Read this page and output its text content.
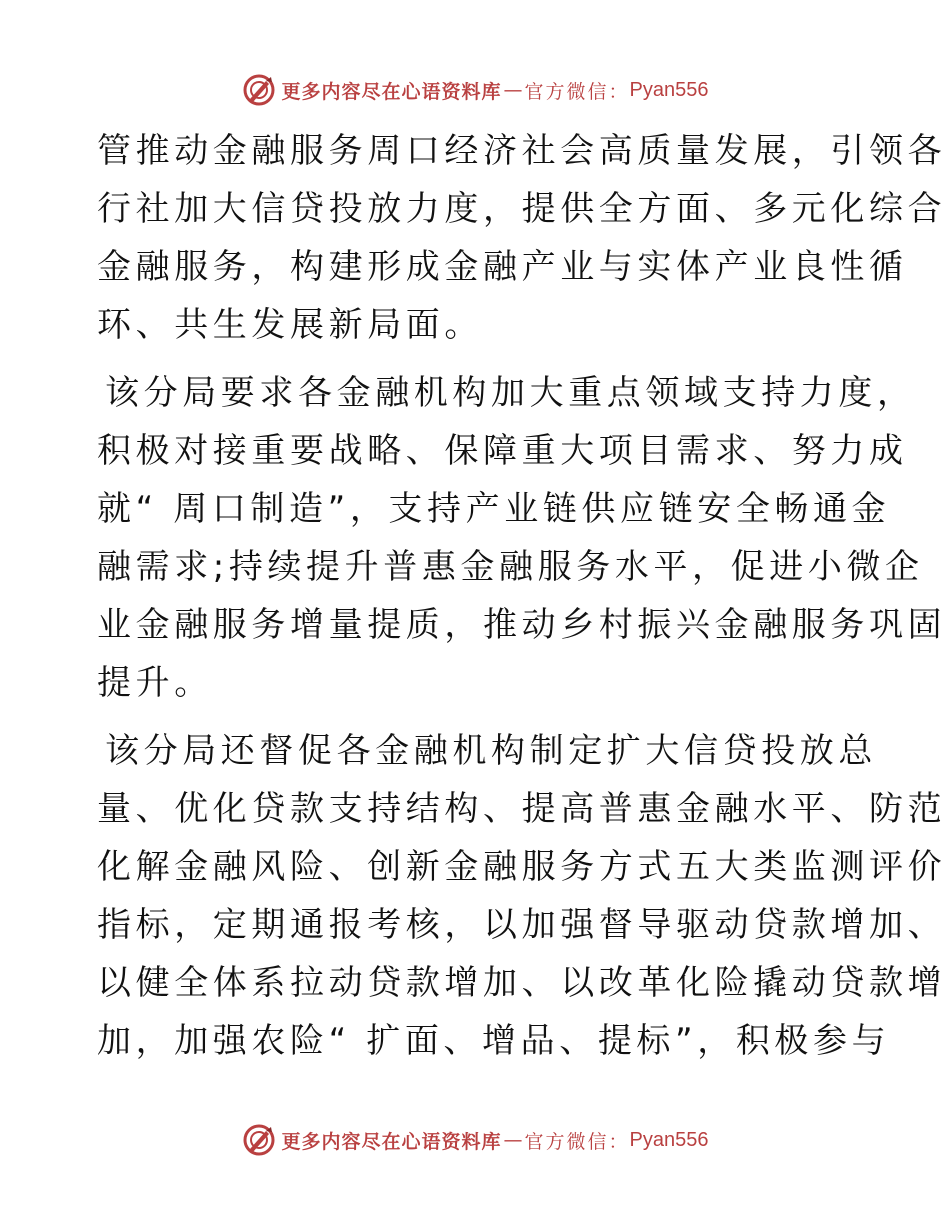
更多内容尽在心语资料库 — 官方微信： Pyan556
管推动金融服务周口经济社会高质量发展，引领各
行社加大信贷投放力度，提供全方面、多元化综合
金融服务，构建形成金融产业与实体产业良性循
环、共生发展新局面。
该分局要求各金融机构加大重点领域支持力度，
积极对接重要战略、保障重大项目需求、努力成
就“ 周口制造”，支持产业链供应链安全畅通金
融需求;持续提升普惠金融服务水平，促进小微企
业金融服务增量提质，推动乡村振兴金融服务巩固
提升。
该分局还督促各金融机构制定扩大信贷投放总
量、优化贷款支持结构、提高普惠金融水平、防范
化解金融风险、创新金融服务方式五大类监测评价
指标，定期通报考核，以加强督导驱动贷款增加、
以健全体系拉动贷款增加、以改革化险撬动贷款增
加，加强农险“ 扩面、增品、提标”，积极参与
更多内容尽在心语资料库 — 官方微信： Pyan556
